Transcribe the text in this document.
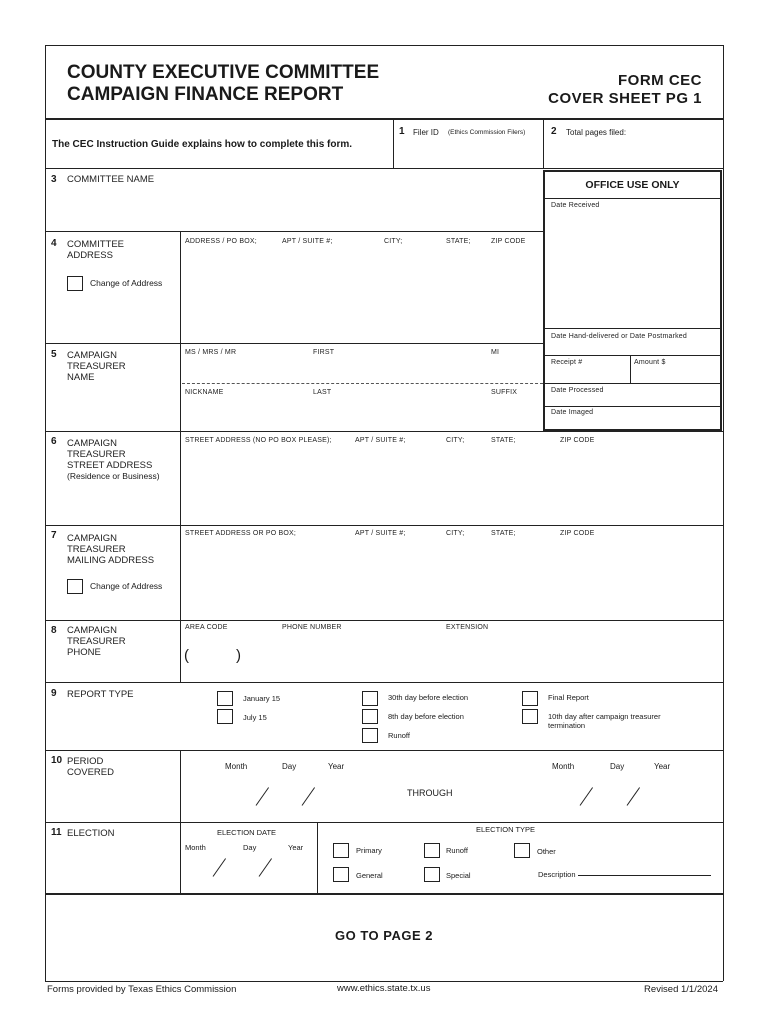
COUNTY EXECUTIVE COMMITTEE
CAMPAIGN FINANCE REPORT
FORM CEC
COVER SHEET PG 1
The CEC Instruction Guide explains how to complete this form.
1 Filer ID (Ethics Commission Filers)	2 Total pages filed:
3 COMMITTEE NAME	OFFICE USE ONLY
Date Received
Date Hand-delivered or Date Postmarked
Receipt #	Amount $
Date Processed
Date Imaged
4 COMMITTEE
ADDRESS
Change of Address
ADDRESS / PO BOX;	APT / SUITE #;	CITY;	STATE;	ZIP CODE
5 CAMPAIGN
TREASURER
NAME
MS / MRS / MR	FIRST	MI
NICKNAME	LAST	SUFFIX
6 CAMPAIGN
TREASURER
STREET ADDRESS
(Residence or Business)
STREET ADDRESS (NO PO BOX PLEASE);	APT / SUITE #;	CITY;	STATE;	ZIP CODE
7 CAMPAIGN
TREASURER
MAILING ADDRESS
Change of Address
STREET ADDRESS OR PO BOX;	APT / SUITE #;	CITY;	STATE;	ZIP CODE
8 CAMPAIGN
TREASURER
PHONE
AREA CODE	PHONE NUMBER	EXTENSION
(	)
9 REPORT TYPE	January 15
July 15
30th day before election
8th day before election
Runoff
Final Report
10th day after campaign treasurer
termination
10 PERIOD
COVERED
Month	Day	Year
THROUGH
Month	Day	Year
11 ELECTION	ELECTION DATE
Month	Day	Year
ELECTION TYPE
Primary	Runoff	Other
General	Special	Description
GO TO PAGE 2
Forms provided by Texas Ethics Commission	www.ethics.state.tx.us	Revised 1/1/2024
